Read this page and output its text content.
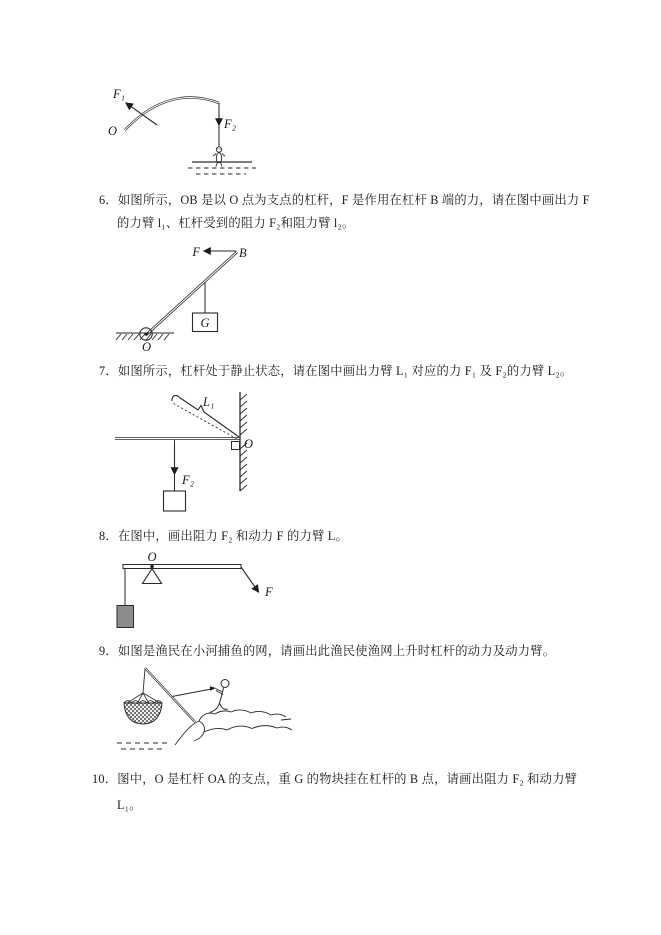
F₁
O	F₂
6．如图所示，OB 是以 O 点为支点的杠杆，F 是作用在杠杆 B 端的力，请在图中画出力 F
的力臂 l₁、杠杆受到的阻力 F₂和阻力臂 l₂。
F	B
O
G
7．如图所示，杠杆处于静止状态，请在图中画出力臂 L₁ 对应的力 F₁ 及 F₂的力臂 L₂。
O
L₁
F₂
8．在图中，画出阻力 F₂ 和动力 F 的力臂 L。
O
F
9．如图是渔民在小河捕鱼的网，请画出此渔民使渔网上升时杠杆的动力及动力臂。
10．图中，O 是杠杆 OA 的支点，重 G 的物块挂在杠杆的 B 点，请画出阻力 F₂ 和动力臂
L₁。
